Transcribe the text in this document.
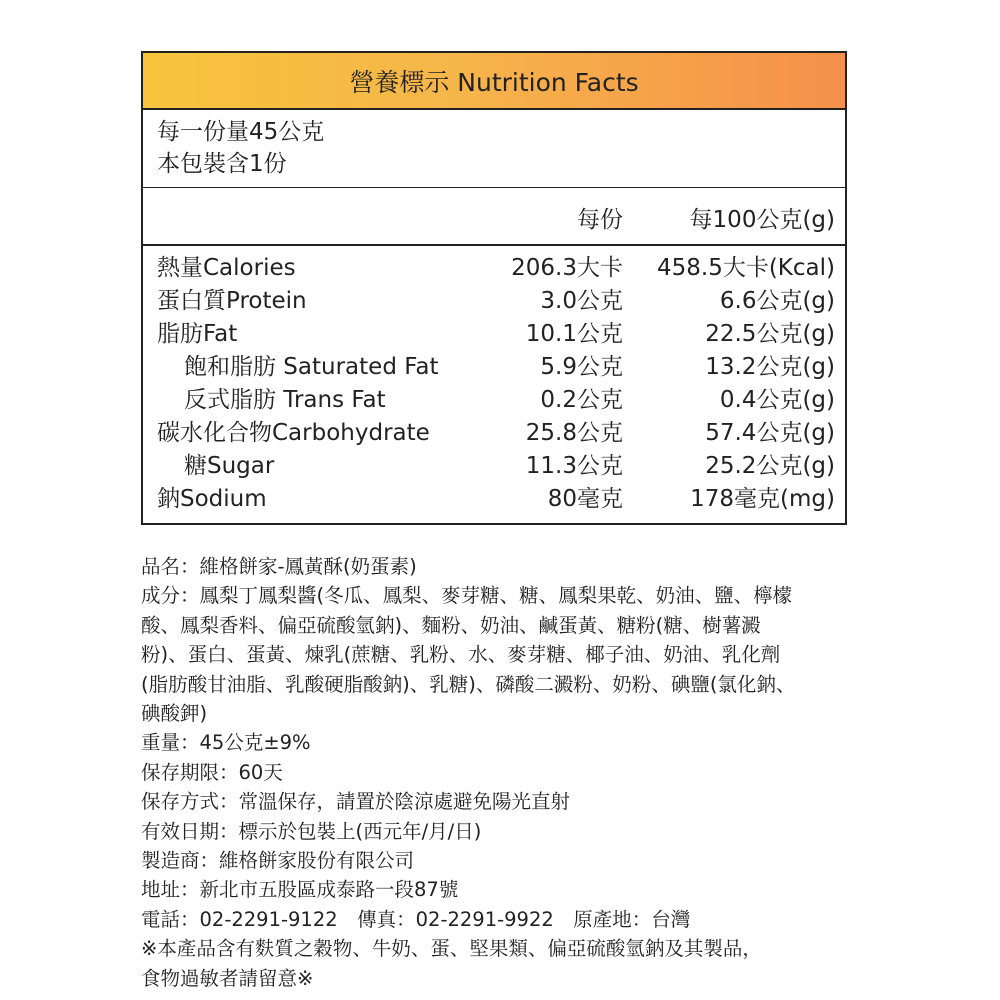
營養標示 Nutrition Facts
每一份量45公克
本包裝含1份
每份	每100公克(g)
熱量Calories	206.3大卡 458.5大卡(Kcal)
蛋白質Protein	3.0公克	6.6公克(g)
脂肪Fat	10.1公克	22.5公克(g)
飽和脂肪 Saturated Fat	5.9公克	13.2公克(g)
反式脂肪 Trans Fat	0.2公克	0.4公克(g)
碳水化合物Carbohydrate	25.8公克	57.4公克(g)
糖Sugar	11.3公克	25.2公克(g)
鈉Sodium	80毫克	178毫克(mg)
品名：維格餅家-鳳黃酥(奶蛋素)
成分：鳳梨丁鳳梨醬(冬瓜、鳳梨、麥芽糖、糖、鳳梨果乾、奶油、鹽、檸檬
酸、鳳梨香料、偏亞硫酸氫鈉)、麵粉、奶油、鹹蛋黃、糖粉(糖、樹薯澱
粉)、蛋白、蛋黃、煉乳(蔗糖、乳粉、水、麥芽糖、椰子油、奶油、乳化劑
(脂肪酸甘油脂、乳酸硬脂酸鈉)、乳糖)、磷酸二澱粉、奶粉、碘鹽(氯化鈉、
碘酸鉀)
重量：45公克±9%
保存期限：60天
保存方式：常溫保存，請置於陰涼處避免陽光直射
有效日期：標示於包裝上(西元年/月/日)
製造商：維格餅家股份有限公司
地址：新北市五股區成泰路一段87號
電話：02-2291-9122　傳真：02-2291-9922　原產地：台灣
※本產品含有麩質之穀物、牛奶、蛋、堅果類、偏亞硫酸氫鈉及其製品，
食物過敏者請留意※
